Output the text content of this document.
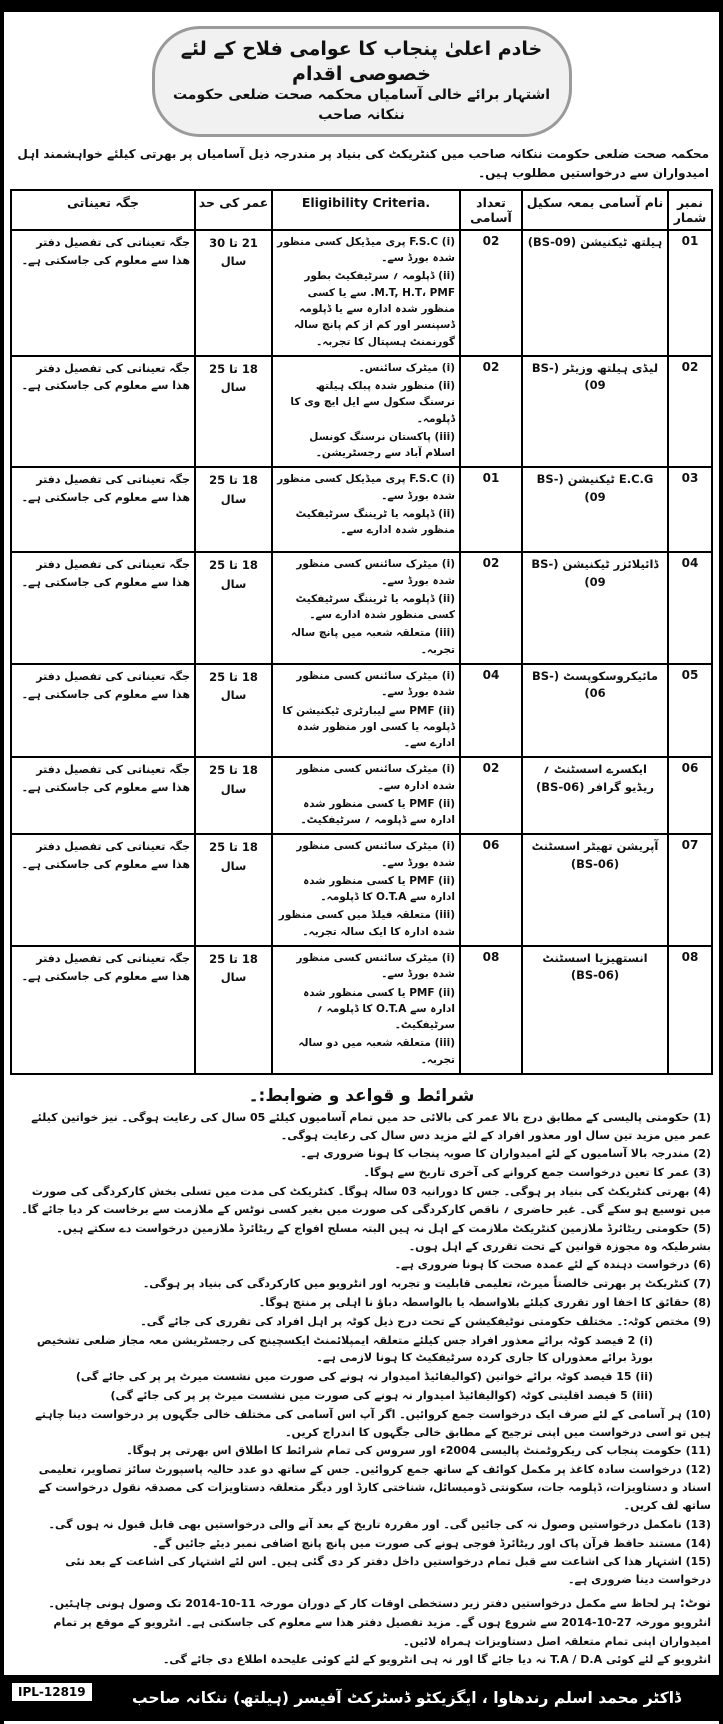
خادم اعلیٰ پنجاب کا عوامی فلاح کے لئے خصوصی اقدام
اشتہار برائے خالی آسامیاں محکمہ صحت ضلعی حکومت ننکانہ صاحب
محکمہ صحت ضلعی حکومت ننکانہ صاحب میں کنٹریکٹ کی بنیاد پر مندرجہ ذیل آسامیاں پر بھرتی کیلئے خواہشمند اہل امیدواران سے درخواستیں مطلوب ہیں۔
نمبر شمار	نام آسامی بمعہ سکیل	تعداد آسامی	Eligibility Criteria.	عمر کی حد	جگہ تعیناتی
01	ہیلتھ ٹیکنیشن (BS-09)	02	(i) F.S.C پری میڈیکل کسی منظور شدہ بورڈ سے۔
(ii) ڈپلومہ ؍ سرٹیفکیٹ بطور M.T, H.T، PMF. سے یا کسی منظور شدہ ادارہ سے یا ڈپلومہ ڈسپنسر اور کم از کم پانچ سالہ گورنمنٹ ہسپتال کا تجربہ۔	21 تا 30 سال	جگہ تعیناتی کی تفصیل دفتر ھذا سے معلوم کی جاسکتی ہے۔
02	لیڈی ہیلتھ وزیٹر (BS-09)	02	(i) میٹرک سائنس۔
(ii) منظور شدہ پبلک ہیلتھ نرسنگ سکول سے ایل ایچ وی کا ڈپلومہ۔
(iii) پاکستان نرسنگ کونسل اسلام آباد سے رجسٹریشن۔	18 تا 25 سال	جگہ تعیناتی کی تفصیل دفتر ھذا سے معلوم کی جاسکتی ہے۔
03	E.C.G ٹیکنیشن (BS-09)	01	(i) F.S.C پری میڈیکل کسی منظور شدہ بورڈ سے۔
(ii) ڈپلومہ یا ٹریننگ سرٹیفکیٹ منظور شدہ ادارے سے۔	18 تا 25 سال	جگہ تعیناتی کی تفصیل دفتر ھذا سے معلوم کی جاسکتی ہے۔
04	ڈائیلائزر ٹیکنیشن (BS-09)	02	(i) میٹرک سائنس کسی منظور شدہ بورڈ سے۔
(ii) ڈپلومہ یا ٹریننگ سرٹیفکیٹ کسی منظور شدہ ادارے سے۔
(iii) متعلقہ شعبہ میں پانچ سالہ تجربہ۔	18 تا 25 سال	جگہ تعیناتی کی تفصیل دفتر ھذا سے معلوم کی جاسکتی ہے۔
05	مائیکروسکوپسٹ (BS-06)	04	(i) میٹرک سائنس کسی منظور شدہ بورڈ سے۔
(ii) PMF سے لیبارٹری ٹیکنیشن کا ڈپلومہ یا کسی اور منظور شدہ ادارے سے۔	18 تا 25 سال	جگہ تعیناتی کی تفصیل دفتر ھذا سے معلوم کی جاسکتی ہے۔
06	ایکسرے اسسٹنٹ ؍ ریڈیو گرافر (BS-06)	02	(i) میٹرک سائنس کسی منظور شدہ ادارہ سے۔
(ii) PMF یا کسی منظور شدہ ادارہ سے ڈپلومہ ؍ سرٹیفکیٹ۔	18 تا 25 سال	جگہ تعیناتی کی تفصیل دفتر ھذا سے معلوم کی جاسکتی ہے۔
07	آپریشن تھیٹر اسسٹنٹ (BS-06)	06	(i) میٹرک سائنس کسی منظور شدہ بورڈ سے۔
(ii) PMF یا کسی منظور شدہ ادارہ سے O.T.A کا ڈپلومہ۔
(iii) متعلقہ فیلڈ میں کسی منظور شدہ ادارہ کا ایک سالہ تجربہ۔	18 تا 25 سال	جگہ تعیناتی کی تفصیل دفتر ھذا سے معلوم کی جاسکتی ہے۔
08	انستھیزیا اسسٹنٹ (BS-06)	08	(i) میٹرک سائنس کسی منظور شدہ بورڈ سے۔
(ii) PMF یا کسی منظور شدہ ادارہ سے O.T.A کا ڈپلومہ ؍ سرٹیفکیٹ۔
(iii) متعلقہ شعبہ میں دو سالہ تجربہ۔	18 تا 25 سال	جگہ تعیناتی کی تفصیل دفتر ھذا سے معلوم کی جاسکتی ہے۔
شرائط و قواعد و ضوابط:۔
(1) حکومتی پالیسی کے مطابق درج بالا عمر کی بالائی حد میں تمام آسامیوں کیلئے 05 سال کی رعایت ہوگی۔ نیز خواتین کیلئے عمر میں مزید تین سال اور معذور افراد کے لئے مزید دس سال کی رعایت ہوگی۔
(2) مندرجہ بالا آسامیوں کے لئے امیدواران کا صوبہ پنجاب کا ہونا ضروری ہے۔
(3) عمر کا تعین درخواست جمع کروانے کی آخری تاریخ سے ہوگا۔
(4) بھرتی کنٹریکٹ کی بنیاد پر ہوگی۔ جس کا دورانیہ 03 سالہ ہوگا۔ کنٹریکٹ کی مدت میں تسلی بخش کارکردگی کی صورت میں توسیع ہو سکے گی۔ غیر حاضری ؍ ناقص کارکردگی کی صورت میں بغیر کسی نوٹس کے ملازمت سے برخاست کر دیا جائے گا۔
(5) حکومتی ریٹائرڈ ملازمین کنٹریکٹ ملازمت کے اہل نہ ہیں البتہ مسلح افواج کے ریٹائرڈ ملازمین درخواست دے سکتے ہیں۔ بشرطیکہ وہ مجوزہ قوانین کے تحت تقرری کے اہل ہوں۔
(6) درخواست دہندہ کے لئے عمدہ صحت کا ہونا ضروری ہے۔
(7) کنٹریکٹ پر بھرتی خالصتاً میرٹ، تعلیمی قابلیت و تجربہ اور انٹرویو میں کارکردگی کی بنیاد پر ہوگی۔
(8) حقائق کا اخفا اور تقرری کیلئے بلاواسطہ یا بالواسطہ دباؤ نا اہلی پر منتج ہوگا۔
(9) مختص کوٹہ:۔ مختلف حکومتی نوٹیفکیشن کے تحت درج ذیل کوٹہ پر اہل افراد کی تقرری کی جائے گی۔
(i) 2 فیصد کوٹہ برائے معذور افراد جس کیلئے متعلقہ ایمپلائمنٹ ایکسچینج کی رجسٹریشن معہ مجاز ضلعی تشخیص بورڈ برائے معذوراں کا جاری کردہ سرٹیفکیٹ کا ہونا لازمی ہے۔
(ii) 15 فیصد کوٹہ برائے خواتین (کوالیفائیڈ امیدوار نہ ہونے کی صورت میں نشست میرٹ پر پر کی جائے گی)
(iii) 5 فیصد اقلیتی کوٹہ (کوالیفائیڈ امیدوار نہ ہونے کی صورت میں نشست میرٹ پر پر کی جائے گی)
(10) ہر آسامی کے لئے صرف ایک درخواست جمع کروائیں۔ اگر آپ اس آسامی کی مختلف خالی جگہوں پر درخواست دینا چاہتے ہیں تو اسی درخواست میں اپنی ترجیح کے مطابق خالی جگہوں کا اندراج کریں۔
(11) حکومت پنجاب کی ریکروٹمنٹ پالیسی 2004ء اور سروس کی تمام شرائط کا اطلاق اس بھرتی پر ہوگا۔
(12) درخواست سادہ کاغذ پر مکمل کوائف کے ساتھ جمع کروائیں۔ جس کے ساتھ دو عدد حالیہ پاسپورٹ سائز تصاویر، تعلیمی اسناد و دستاویزات، ڈپلومہ جات، سکونتی ڈومیسائل، شناختی کارڈ اور دیگر متعلقہ دستاویزات کی مصدقہ نقول درخواست کے ساتھ لف کریں۔
(13) نامکمل درخواستیں وصول نہ کی جائیں گی۔ اور مقررہ تاریخ کے بعد آنے والی درخواستیں بھی قابل قبول نہ ہوں گی۔
(14) مستند حافظ قرآن پاک اور ریٹائرڈ فوجی ہونے کی صورت میں پانچ پانچ اضافی نمبر دیئے جائیں گے۔
(15) اشتہار ھذا کی اشاعت سے قبل تمام درخواستیں داخل دفتر کر دی گئی ہیں۔ اس لئے اشتہار کی اشاعت کے بعد نئی درخواست دینا ضروری ہے۔
نوٹ:ہر لحاظ سے مکمل درخواستیں دفتر زیر دستخطی اوقات کار کے دوران مورخہ 11-10-2014 تک وصول ہونی چاہئیں۔
انٹرویو مورخہ 27-10-2014 سے شروع ہوں گے۔ مزید تفصیل دفتر ھذا سے معلوم کی جاسکتی ہے۔ انٹرویو کے موقع پر تمام امیدواران اپنی تمام متعلقہ اصل دستاویزات ہمراہ لائیں۔
انٹرویو کے لئے کوئی T.A / D.A نہ دیا جائے گا اور نہ ہی انٹرویو کے لئے کوئی علیحدہ اطلاع دی جائے گی۔
IPL-12819	ڈاکٹر محمد اسلم رندھاوا ، ایگزیکٹو ڈسٹرکٹ آفیسر (ہیلتھ) ننکانہ صاحب
